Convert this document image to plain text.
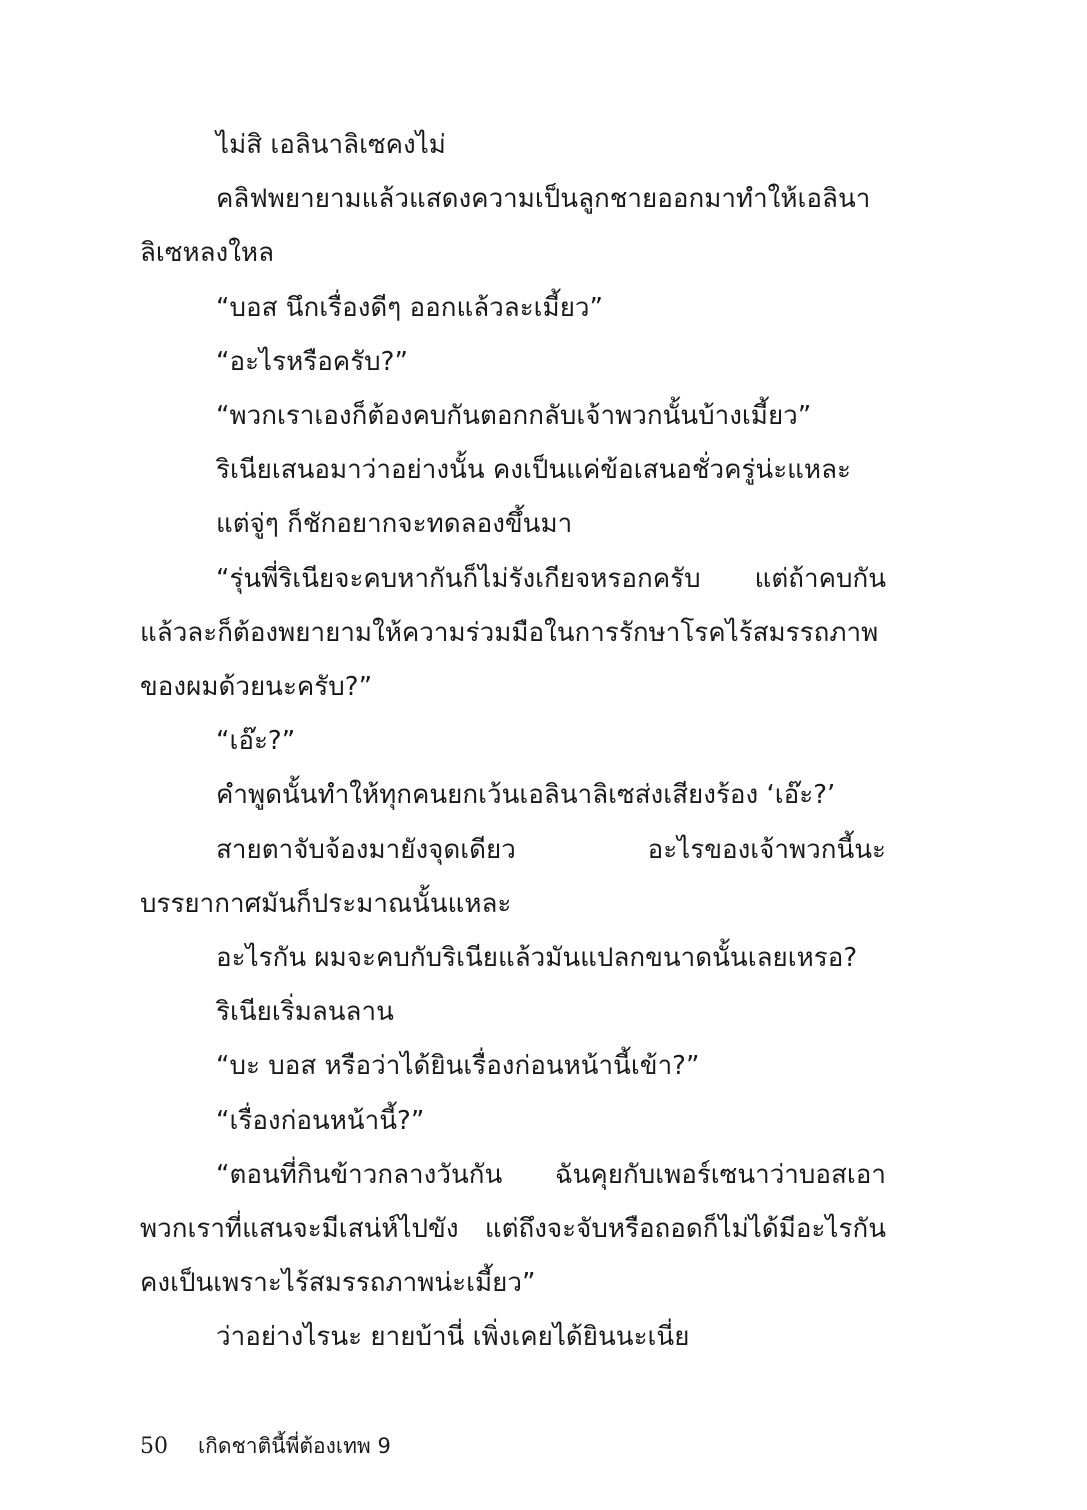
ไม่สิ เอลินาลิเซคงไม่

คลิฟพยายามแล้วแสดงความเป็นลูกชายออกมาทำให้เอลินาลิเซหลงใหล

“บอส นึกเรื่องดีๆ ออกแล้วละเมี้ยว”

“อะไรหรือครับ?”

“พวกเราเองก็ต้องคบกันตอกกลับเจ้าพวกนั้นบ้างเมี้ยว”

ริเนียเสนอมาว่าอย่างนั้น คงเป็นแค่ข้อเสนอชั่วครู่น่ะแหละ

แต่จู่ๆ ก็ชักอยากจะทดลองขึ้นมา

“รุ่นพี่ริเนียจะคบหากันก็ไม่รังเกียจหรอกครับ แต่ถ้าคบกันแล้วละก็ต้องพยายามให้ความร่วมมือในการรักษาโรคไร้สมรรถภาพของผมด้วยนะครับ?”

“เอ๊ะ?”

คำพูดนั้นทำให้ทุกคนยกเว้นเอลินาลิเซส่งเสียงร้อง ‘เอ๊ะ?’

สายตาจับจ้องมายังจุดเดียว อะไรของเจ้าพวกนี้นะ บรรยากาศมันก็ประมาณนั้นแหละ

อะไรกัน ผมจะคบกับริเนียแล้วมันแปลกขนาดนั้นเลยเหรอ?

ริเนียเริ่มลนลาน

“บะ บอส หรือว่าได้ยินเรื่องก่อนหน้านี้เข้า?”

“เรื่องก่อนหน้านี้?”

“ตอนที่กินข้าวกลางวันกัน ฉันคุยกับเพอร์เซนาว่าบอสเอาพวกเราที่แสนจะมีเสน่ห์ไปขัง แต่ถึงจะจับหรือถอดก็ไม่ได้มีอะไรกัน คงเป็นเพราะไร้สมรรถภาพน่ะเมี้ยว”

ว่าอย่างไรนะ ยายบ้านี่ เพิ่งเคยได้ยินนะเนี่ย

50	เกิดชาตินี้พี่ต้องเทพ 9
